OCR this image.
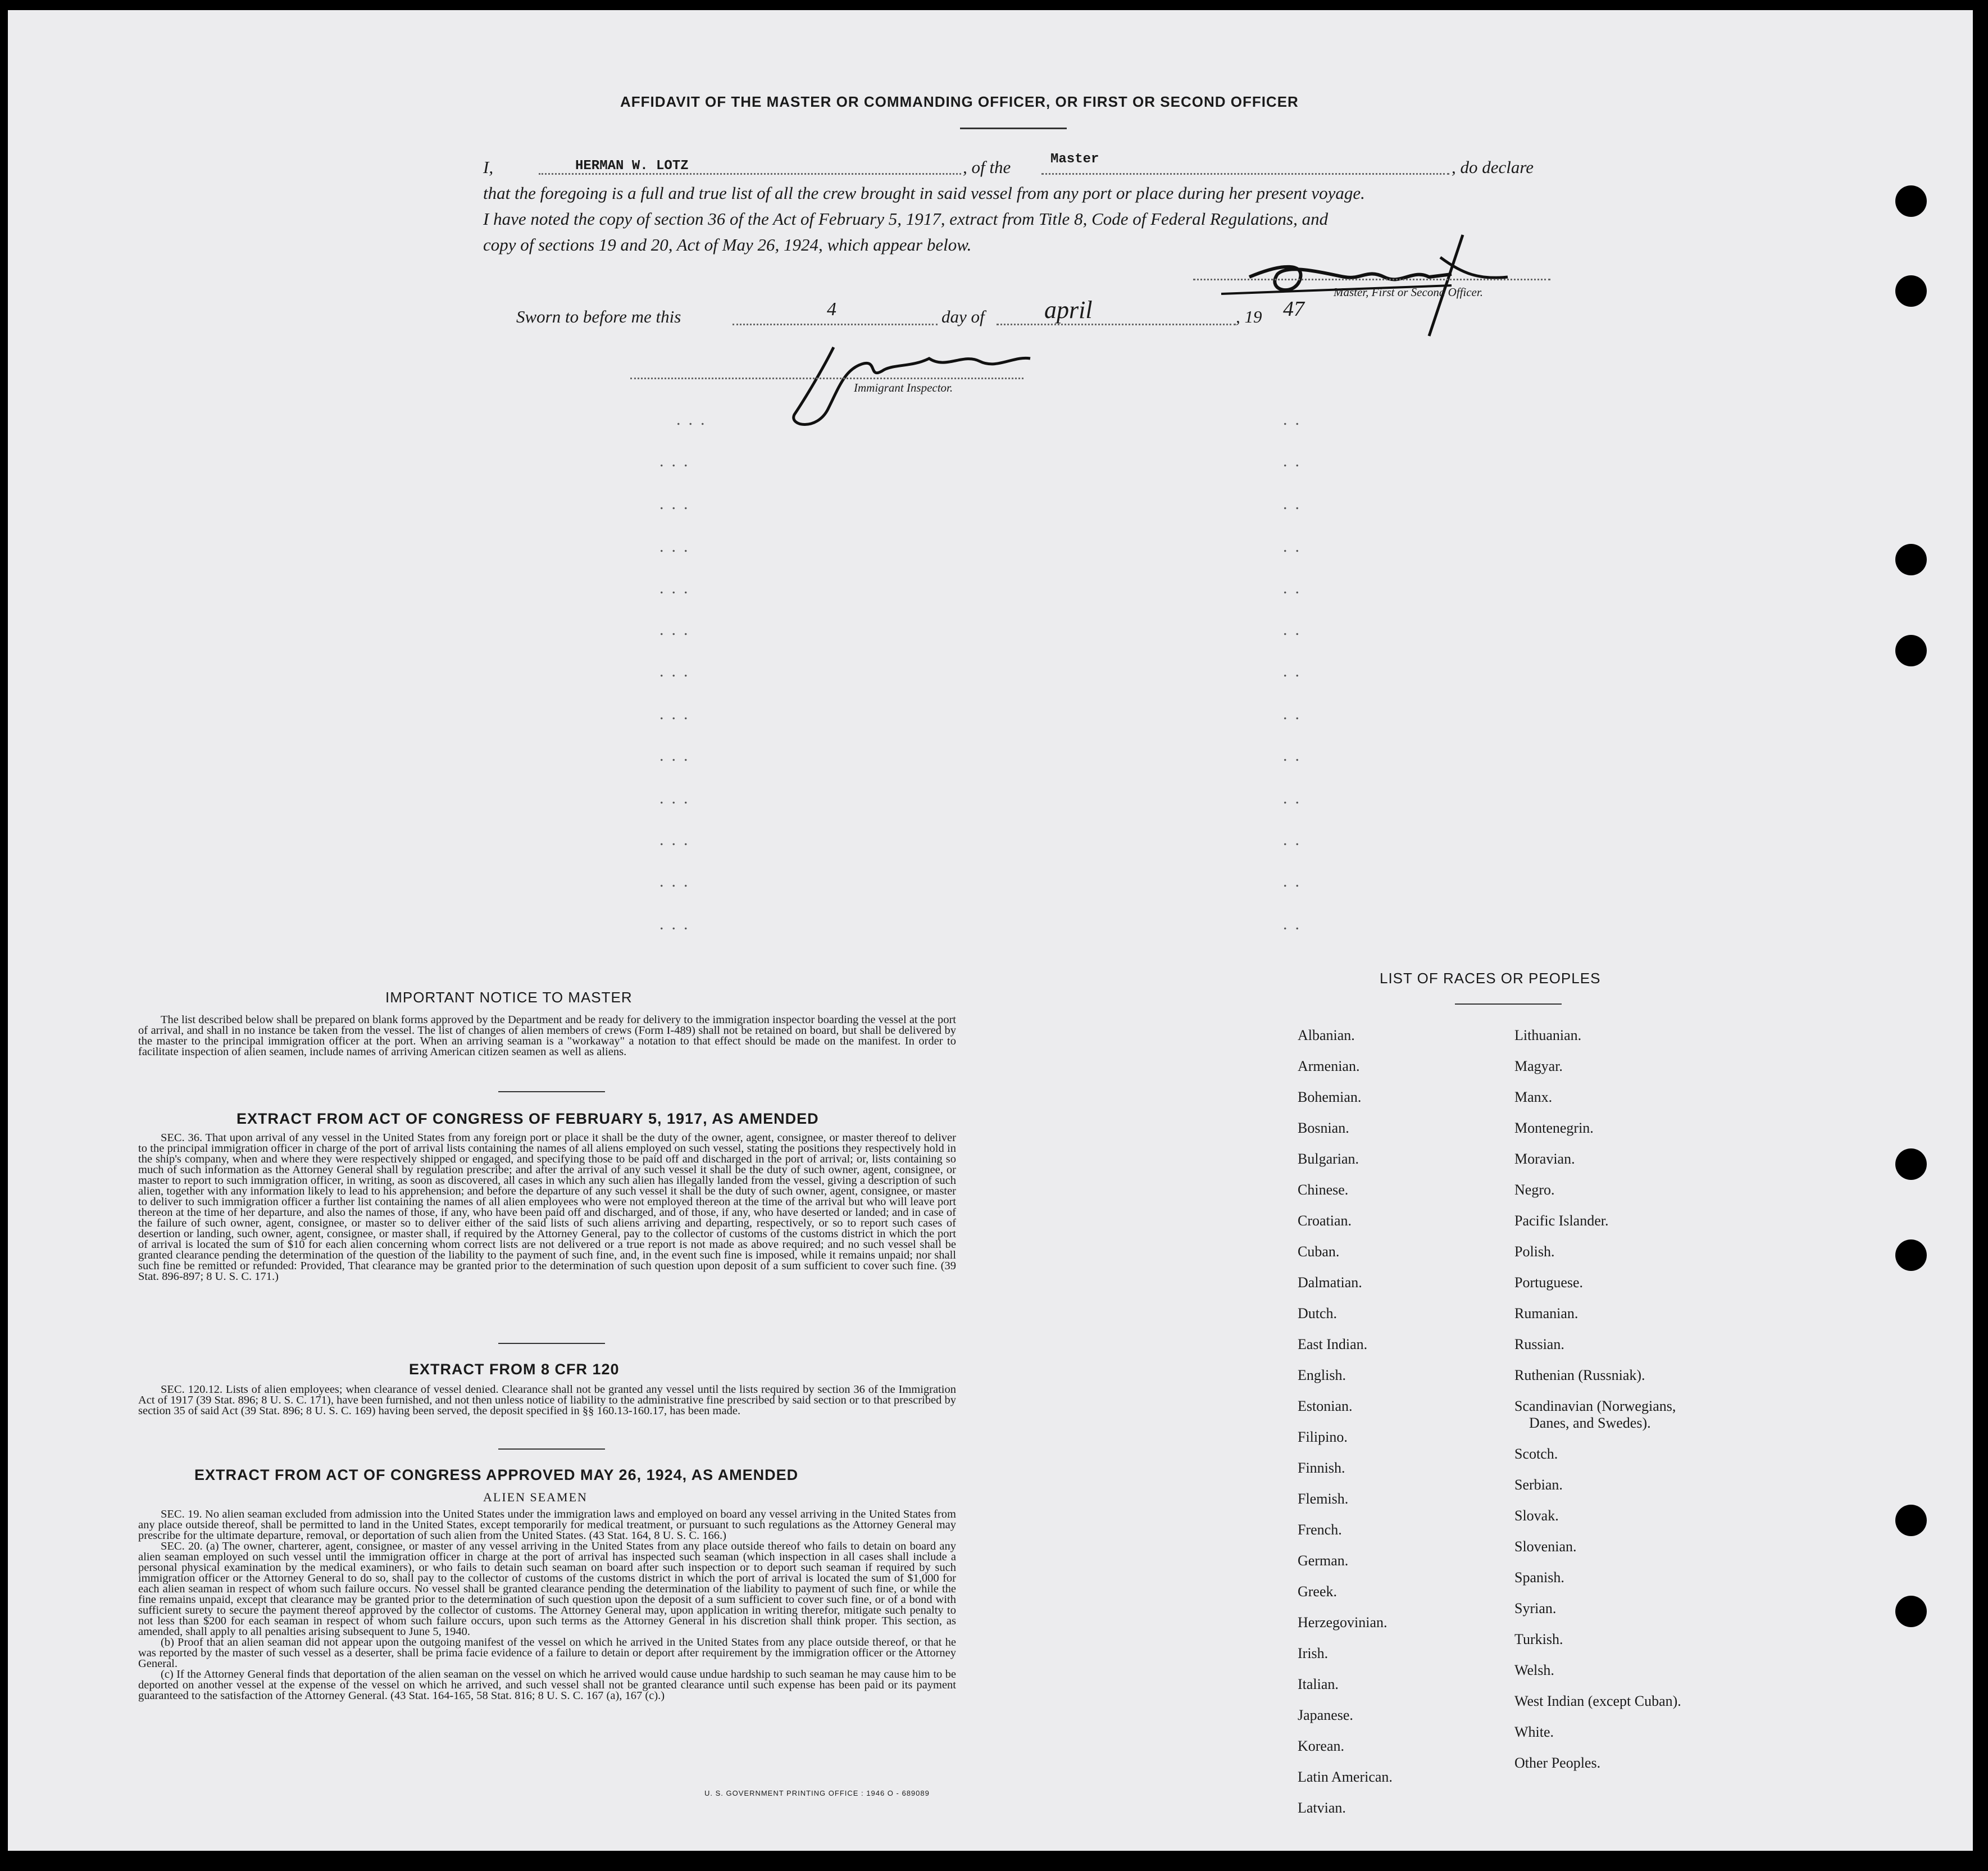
AFFIDAVIT OF THE MASTER OR COMMANDING OFFICER, OR FIRST OR SECOND OFFICER
I,	HERMAN W. LOTZ	, of the	Master	, do declare
that the foregoing is a full and true list of all the crew brought in said vessel from any port or place during her present voyage.
I have noted the copy of section 36 of the Act of February 5, 1917, extract from Title 8, Code of Federal Regulations, and
copy of sections 19 and 20, Act of May 26, 1924, which appear below.
Master, First or Second Officer.
Sworn to before me this	4	day of april	, 19 47
Immigrant Inspector.
...	..
...	..
...	..
...	..
...	..
...	..
...	..
...	..
...	..
...	..
...	..
...	..
...	..
IMPORTANT NOTICE TO MASTER

The list described below shall be prepared on blank forms approved by the Department and be ready for delivery to the immigration inspector boarding the vessel at the port of arrival, and shall in no instance be taken from the vessel. The list of changes of alien members of crews (Form I-489) shall not be retained on board, but shall be delivered by the master to the principal immigration officer at the port. When an arriving seaman is a "workaway" a notation to that effect should be made on the manifest. In order to facilitate inspection of alien seamen, include names of arriving American citizen seamen as well as aliens.

EXTRACT FROM ACT OF CONGRESS OF FEBRUARY 5, 1917, AS AMENDED

SEC. 36. That upon arrival of any vessel in the United States from any foreign port or place it shall be the duty of the owner, agent, consignee, or master thereof to deliver to the principal immigration officer in charge of the port of arrival lists containing the names of all aliens employed on such vessel, stating the positions they respectively hold in the ship's company, when and where they were respectively shipped or engaged, and specifying those to be paid off and discharged in the port of arrival; or, lists containing so much of such information as the Attorney General shall by regulation prescribe; and after the arrival of any such vessel it shall be the duty of such owner, agent, consignee, or master to report to such immigration officer, in writing, as soon as discovered, all cases in which any such alien has illegally landed from the vessel, giving a description of such alien, together with any information likely to lead to his apprehension; and before the departure of any such vessel it shall be the duty of such owner, agent, consignee, or master to deliver to such immigration officer a further list containing the names of all alien employees who were not employed thereon at the time of the arrival but who will leave port thereon at the time of her departure, and also the names of those, if any, who have been paid off and discharged, and of those, if any, who have deserted or landed; and in case of the failure of such owner, agent, consignee, or master so to deliver either of the said lists of such aliens arriving and departing, respectively, or so to report such cases of desertion or landing, such owner, agent, consignee, or master shall, if required by the Attorney General, pay to the collector of customs of the customs district in which the port of arrival is located the sum of $10 for each alien concerning whom correct lists are not delivered or a true report is not made as above required; and no such vessel shall be granted clearance pending the determination of the question of the liability to the payment of such fine, and, in the event such fine is imposed, while it remains unpaid; nor shall such fine be remitted or refunded: Provided, That clearance may be granted prior to the determination of such question upon deposit of a sum sufficient to cover such fine. (39 Stat. 896-897; 8 U. S. C. 171.)

EXTRACT FROM 8 CFR 120

SEC. 120.12. Lists of alien employees; when clearance of vessel denied. Clearance shall not be granted any vessel until the lists required by section 36 of the Immigration Act of 1917 (39 Stat. 896; 8 U. S. C. 171), have been furnished, and not then unless notice of liability to the administrative fine prescribed by said section or to that prescribed by section 35 of said Act (39 Stat. 896; 8 U. S. C. 169) having been served, the deposit specified in §§ 160.13-160.17, has been made.

EXTRACT FROM ACT OF CONGRESS APPROVED MAY 26, 1924, AS AMENDED
ALIEN SEAMEN

SEC. 19. No alien seaman excluded from admission into the United States under the immigration laws and employed on board any vessel arriving in the United States from any place outside thereof, shall be permitted to land in the United States, except temporarily for medical treatment, or pursuant to such regulations as the Attorney General may prescribe for the ultimate departure, removal, or deportation of such alien from the United States. (43 Stat. 164, 8 U. S. C. 166.)

SEC. 20. (a) The owner, charterer, agent, consignee, or master of any vessel arriving in the United States from any place outside thereof who fails to detain on board any alien seaman employed on such vessel until the immigration officer in charge at the port of arrival has inspected such seaman (which inspection in all cases shall include a personal physical examination by the medical examiners), or who fails to detain such seaman on board after such inspection or to deport such seaman if required by such immigration officer or the Attorney General to do so, shall pay to the collector of customs of the customs district in which the port of arrival is located the sum of $1,000 for each alien seaman in respect of whom such failure occurs. No vessel shall be granted clearance pending the determination of the liability to payment of such fine, or while the fine remains unpaid, except that clearance may be granted prior to the determination of such question upon the deposit of a sum sufficient to cover such fine, or of a bond with sufficient surety to secure the payment thereof approved by the collector of customs. The Attorney General may, upon application in writing therefor, mitigate such penalty to not less than $200 for each seaman in respect of whom such failure occurs, upon such terms as the Attorney General in his discretion shall think proper. This section, as amended, shall apply to all penalties arising subsequent to June 5, 1940.

(b) Proof that an alien seaman did not appear upon the outgoing manifest of the vessel on which he arrived in the United States from any place outside thereof, or that he was reported by the master of such vessel as a deserter, shall be prima facie evidence of a failure to detain or deport after requirement by the immigration officer or the Attorney General.

(c) If the Attorney General finds that deportation of the alien seaman on the vessel on which he arrived would cause undue hardship to such seaman he may cause him to be deported on another vessel at the expense of the vessel on which he arrived, and such vessel shall not be granted clearance until such expense has been paid or its payment guaranteed to the satisfaction of the Attorney General. (43 Stat. 164-165, 58 Stat. 816; 8 U. S. C. 167 (a), 167 (c).)

U. S. GOVERNMENT PRINTING OFFICE : 1946 O - 689089
LIST OF RACES OR PEOPLES
Albanian.
Armenian.
Bohemian.
Bosnian.
Bulgarian.
Chinese.
Croatian.
Cuban.
Dalmatian.
Dutch.
East Indian.
English.
Estonian.
Filipino.
Finnish.
Flemish.
French.
German.
Greek.
Herzegovinian.
Irish.
Italian.
Japanese.
Korean.
Latin American.
Latvian.
Lithuanian.
Magyar.
Manx.
Montenegrin.
Moravian.
Negro.
Pacific Islander.
Polish.
Portuguese.
Rumanian.
Russian.
Ruthenian (Russniak).
Scandinavian (Norwegians,
Danes, and Swedes).
Scotch.
Serbian.
Slovak.
Slovenian.
Spanish.
Syrian.
Turkish.
Welsh.
West Indian (except Cuban).
White.
Other Peoples.
